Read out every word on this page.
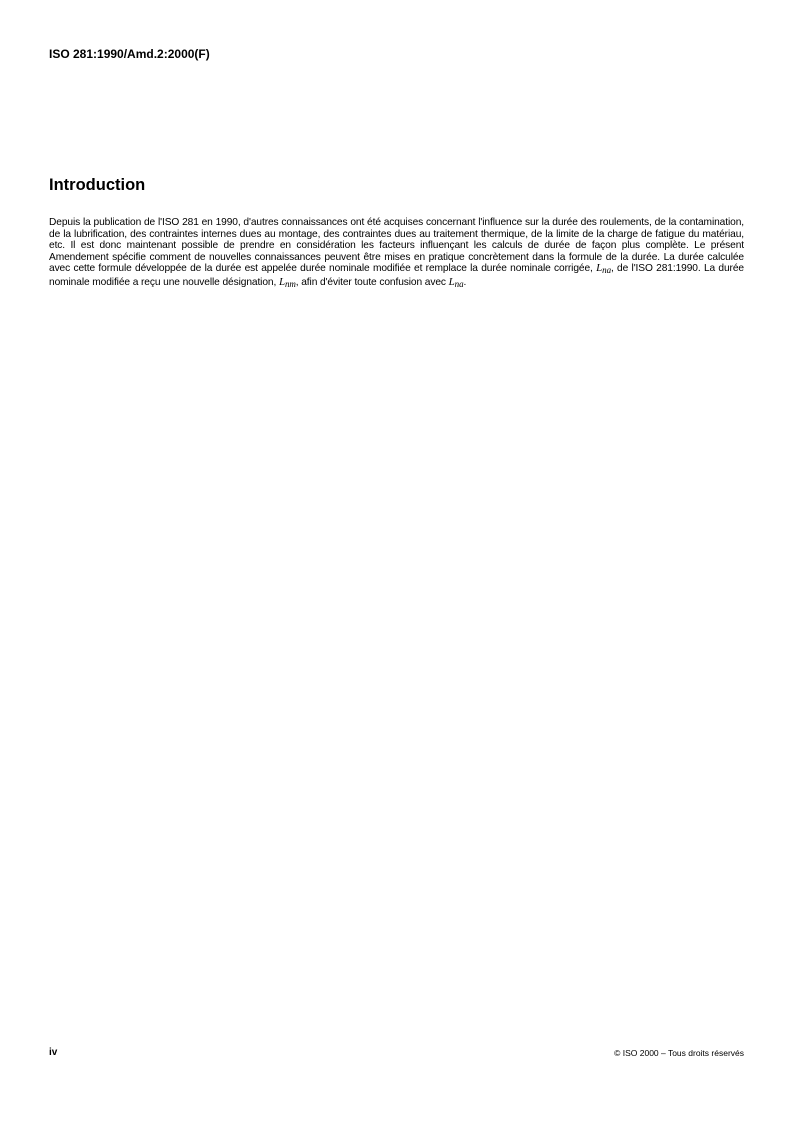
ISO 281:1990/Amd.2:2000(F)
Introduction
Depuis la publication de l'ISO 281 en 1990, d'autres connaissances ont été acquises concernant l'influence sur la durée des roulements, de la contamination, de la lubrification, des contraintes internes dues au montage, des contraintes dues au traitement thermique, de la limite de la charge de fatigue du matériau, etc. Il est donc maintenant possible de prendre en considération les facteurs influençant les calculs de durée de façon plus complète. Le présent Amendement spécifie comment de nouvelles connaissances peuvent être mises en pratique concrètement dans la formule de la durée. La durée calculée avec cette formule développée de la durée est appelée durée nominale modifiée et remplace la durée nominale corrigée, $L_{na}$, de l'ISO 281:1990. La durée nominale modifiée a reçu une nouvelle désignation, $L_{nm}$, afin d'éviter toute confusion avec $L_{na}$.
iv	© ISO 2000 – Tous droits réservés
